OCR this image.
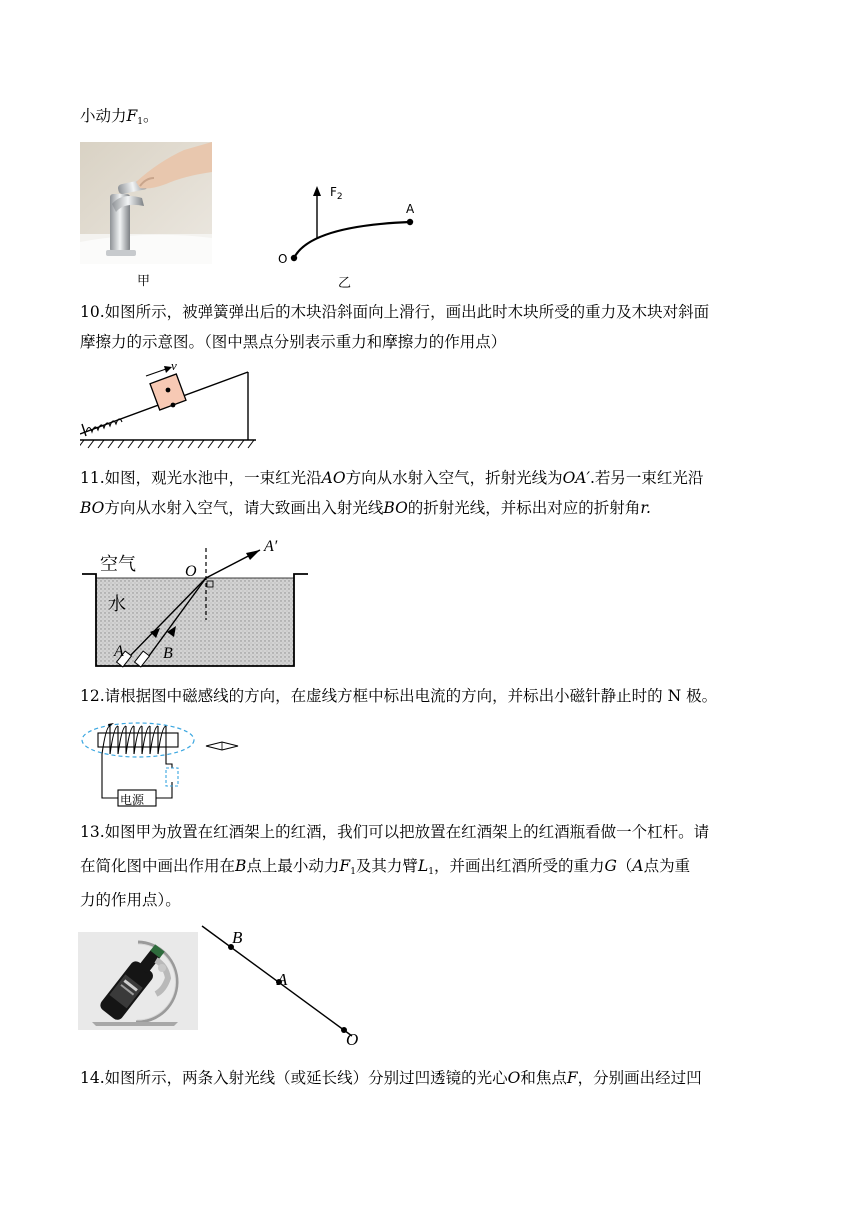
小动力$F_1$。
甲
$F_2$
A
O
乙
10.如图所示，被弹簧弹出后的木块沿斜面向上滑行，画出此时木块所受的重力及木块对斜面
摩擦力的示意图。（图中黑点分别表示重力和摩擦力的作用点）
v
11.如图，观光水池中，一束红光沿AO方向从水射入空气，折射光线为OA′.若另一束红光沿
BO方向从水射入空气，请大致画出入射光线BO的折射光线，并标出对应的折射角r.
空气
水
O
A′
A B
12.请根据图中磁感线的方向，在虚线方框中标出电流的方向，并标出小磁针静止时的 N 极。
电源
13.如图甲为放置在红酒架上的红酒，我们可以把放置在红酒架上的红酒瓶看做一个杠杆。请
在简化图中画出作用在B点上最小动力$F_1$及其力臂$L_1$，并画出红酒所受的重力G（A点为重
力的作用点）。
B
A
O
14.如图所示，两条入射光线（或延长线）分别过凹透镜的光心O和焦点F，分别画出经过凹
